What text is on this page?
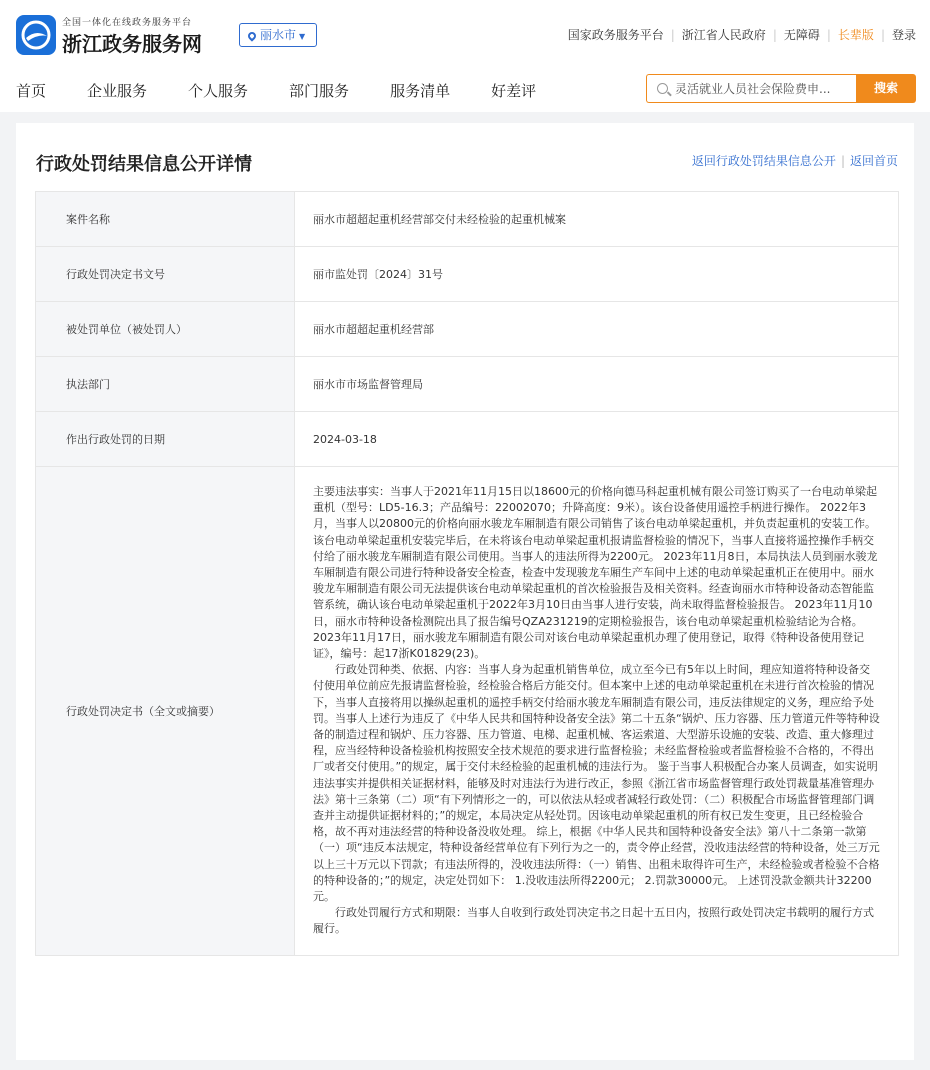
全国一体化在线政务服务平台
浙江政务服务网	丽水市 ▼	国家政务服务平台 | 浙江省人民政府 | 无障碍 | 长辈版 | 登录
首页	企业服务	个人服务	部门服务	服务清单	好差评
灵活就业人员社会保险费申...	搜索
行政处罚结果信息公开详情	返回行政处罚结果信息公开 | 返回首页
案件名称	丽水市超超起重机经营部交付未经检验的起重机械案
行政处罚决定书文号	丽市监处罚〔2024〕31号
被处罚单位（被处罚人）	丽水市超超起重机经营部
执法部门	丽水市市场监督管理局
作出行政处罚的日期	2024-03-18
行政处罚决定书（全文或摘要）	主要违法事实：当事人于2021年11月15日以18600元的价格向德马科起重机械有限公司签订购买了一台电动单梁起重机（型号：LD5-16.3；产品编号：22002070；升降高度：9米）。该台设备使用遥控手柄进行操作。 2022年3月，当事人以20800元的价格向丽水骏龙车厢制造有限公司销售了该台电动单梁起重机，并负责起重机的安装工作。该台电动单梁起重机安装完毕后，在未将该台电动单梁起重机报请监督检验的情况下，当事人直接将遥控操作手柄交付给了丽水骏龙车厢制造有限公司使用。当事人的违法所得为2200元。 2023年11月8日，本局执法人员到丽水骏龙车厢制造有限公司进行特种设备安全检查，检查中发现骏龙车厢生产车间中上述的电动单梁起重机正在使用中。丽水骏龙车厢制造有限公司无法提供该台电动单梁起重机的首次检验报告及相关资料。经查询丽水市特种设备动态智能监管系统，确认该台电动单梁起重机于2022年3月10日由当事人进行安装，尚未取得监督检验报告。 2023年11月10日，丽水市特种设备检测院出具了报告编号QZA231219的定期检验报告，该台电动单梁起重机检验结论为合格。 2023年11月17日，丽水骏龙车厢制造有限公司对该台电动单梁起重机办理了使用登记，取得《特种设备使用登记证》，编号：起17浙K01829(23)。

行政处罚种类、依据、内容：当事人身为起重机销售单位，成立至今已有5年以上时间，理应知道将特种设备交付使用单位前应先报请监督检验，经检验合格后方能交付。但本案中上述的电动单梁起重机在未进行首次检验的情况下，当事人直接将用以操纵起重机的遥控手柄交付给丽水骏龙车厢制造有限公司，违反法律规定的义务，理应给予处罚。当事人上述行为违反了《中华人民共和国特种设备安全法》第二十五条“锅炉、压力容器、压力管道元件等特种设备的制造过程和锅炉、压力容器、压力管道、电梯、起重机械、客运索道、大型游乐设施的安装、改造、重大修理过程，应当经特种设备检验机构按照安全技术规范的要求进行监督检验；未经监督检验或者监督检验不合格的，不得出厂或者交付使用。”的规定，属于交付未经检验的起重机械的违法行为。 鉴于当事人积极配合办案人员调查，如实说明违法事实并提供相关证据材料，能够及时对违法行为进行改正，参照《浙江省市场监督管理行政处罚裁量基准管理办法》第十三条第（二）项“有下列情形之一的，可以依法从轻或者减轻行政处罚：（二）积极配合市场监督管理部门调查并主动提供证据材料的；”的规定，本局决定从轻处罚。因该电动单梁起重机的所有权已发生变更，且已经检验合格，故不再对违法经营的特种设备没收处理。 综上，根据《中华人民共和国特种设备安全法》第八十二条第一款第（一）项“违反本法规定，特种设备经营单位有下列行为之一的，责令停止经营，没收违法经营的特种设备，处三万元以上三十万元以下罚款；有违法所得的，没收违法所得：（一）销售、出租未取得许可生产，未经检验或者检验不合格的特种设备的；”的规定，决定处罚如下： 1.没收违法所得2200元； 2.罚款30000元。 上述罚没款金额共计32200元。

行政处罚履行方式和期限：当事人自收到行政处罚决定书之日起十五日内，按照行政处罚决定书载明的履行方式履行。
